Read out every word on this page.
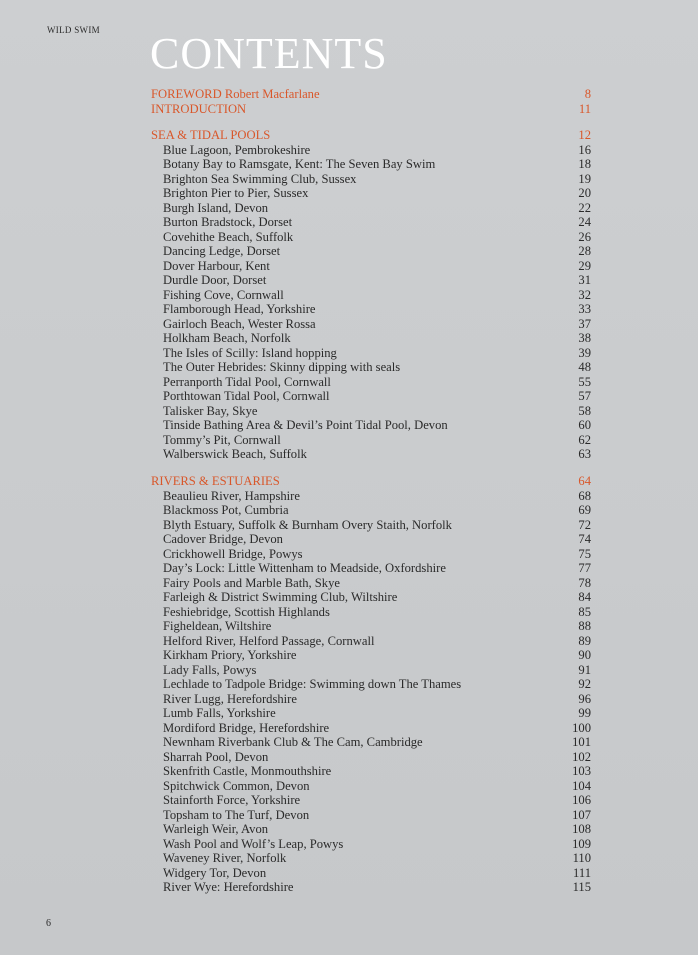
WILD SWIM CONTENTS
FOREWORD Robert Macfarlane	8
INTRODUCTION	11
SEA & TIDAL POOLS	12
Blue Lagoon, Pembrokeshire	16
Botany Bay to Ramsgate, Kent: The Seven Bay Swim	18
Brighton Sea Swimming Club, Sussex	19
Brighton Pier to Pier, Sussex	20
Burgh Island, Devon	22
Burton Bradstock, Dorset	24
Covehithe Beach, Suffolk	26
Dancing Ledge, Dorset	28
Dover Harbour, Kent	29
Durdle Door, Dorset	31
Fishing Cove, Cornwall	32
Flamborough Head, Yorkshire	33
Gairloch Beach, Wester Rossa	37
Holkham Beach, Norfolk	38
The Isles of Scilly: Island hopping	39
The Outer Hebrides: Skinny dipping with seals	48
Perranporth Tidal Pool, Cornwall	55
Porthtowan Tidal Pool, Cornwall	57
Talisker Bay, Skye	58
Tinside Bathing Area & Devil’s Point Tidal Pool, Devon	60
Tommy’s Pit, Cornwall	62
Walberswick Beach, Suffolk	63
RIVERS & ESTUARIES	64
Beaulieu River, Hampshire	68
Blackmoss Pot, Cumbria	69
Blyth Estuary, Suffolk & Burnham Overy Staith, Norfolk	72
Cadover Bridge, Devon	74
Crickhowell Bridge, Powys	75
Day’s Lock: Little Wittenham to Meadside, Oxfordshire	77
Fairy Pools and Marble Bath, Skye	78
Farleigh & District Swimming Club, Wiltshire	84
Feshiebridge, Scottish Highlands	85
Figheldean, Wiltshire	88
Helford River, Helford Passage, Cornwall	89
Kirkham Priory, Yorkshire	90
Lady Falls, Powys	91
Lechlade to Tadpole Bridge: Swimming down The Thames	92
River Lugg, Herefordshire	96
Lumb Falls, Yorkshire	99
Mordiford Bridge, Herefordshire	100
Newnham Riverbank Club & The Cam, Cambridge	101
Sharrah Pool, Devon	102
Skenfrith Castle, Monmouthshire	103
Spitchwick Common, Devon	104
Stainforth Force, Yorkshire	106
Topsham to The Turf, Devon	107
Warleigh Weir, Avon	108
Wash Pool and Wolf’s Leap, Powys	109
Waveney River, Norfolk	110
Widgery Tor, Devon	111
River Wye: Herefordshire	115
6
